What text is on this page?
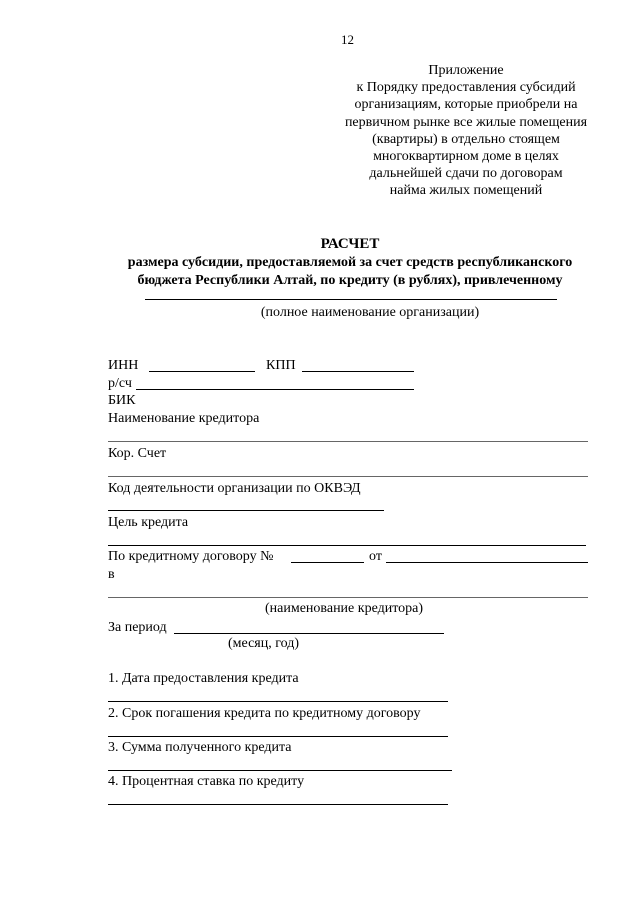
12
Приложение
к Порядку предоставления субсидий
организациям, которые приобрели на
первичном рынке все жилые помещения
(квартиры) в отдельно стоящем
многоквартирном доме в целях
дальнейшей сдачи по договорам
найма жилых помещений
РАСЧЕТ
размера субсидии, предоставляемой за счет средств республиканского
бюджета Республики Алтай, по кредиту (в рублях), привлеченному
(полное наименование организации)
ИНН	КПП
р/сч
БИК
Наименование кредитора
Кор. Счет
Код деятельности организации по ОКВЭД
Цель кредита
По кредитному договору №	от
в
(наименование кредитора)
За период
(месяц, год)
1. Дата предоставления кредита
2. Срок погашения кредита по кредитному договору
3. Сумма полученного кредита
4. Процентная ставка по кредиту
